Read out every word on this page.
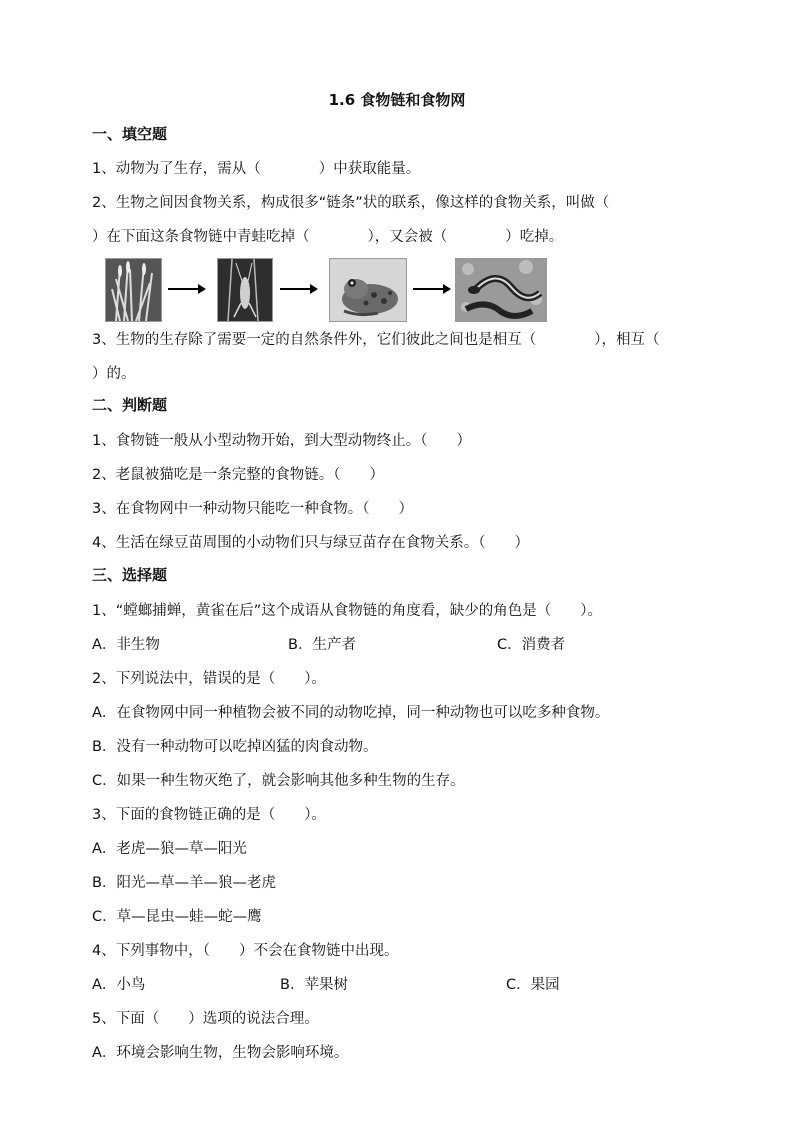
1.6 食物链和食物网
一、填空题
1、动物为了生存，需从（　　　　）中获取能量。
2、生物之间因食物关系，构成很多“链条”状的联系，像这样的食物关系，叫做（
）在下面这条食物链中青蛙吃掉（　　　　），又会被（　　　　）吃掉。
3、生物的生存除了需要一定的自然条件外，它们彼此之间也是相互（　　　　），相互（
）的。
二、判断题
1、食物链一般从小型动物开始，到大型动物终止。（　　）
2、老鼠被猫吃是一条完整的食物链。（　　）
3、在食物网中一种动物只能吃一种食物。（　　）
4、生活在绿豆苗周围的小动物们只与绿豆苗存在食物关系。（　　）
三、选择题
1、“螳螂捕蝉，黄雀在后”这个成语从食物链的角度看，缺少的角色是（　　）。
A．非生物	B．生产者	C．消费者
2、下列说法中，错误的是（　　）。
A．在食物网中同一种植物会被不同的动物吃掉，同一种动物也可以吃多种食物。
B．没有一种动物可以吃掉凶猛的肉食动物。
C．如果一种生物灭绝了，就会影响其他多种生物的生存。
3、下面的食物链正确的是（　　）。
A．老虎—狼—草—阳光
B．阳光—草—羊—狼—老虎
C．草—昆虫—蛙—蛇—鹰
4、下列事物中，（　　）不会在食物链中出现。
A．小鸟	B．苹果树	C．果园
5、下面（　　）选项的说法合理。
A．环境会影响生物，生物会影响环境。
